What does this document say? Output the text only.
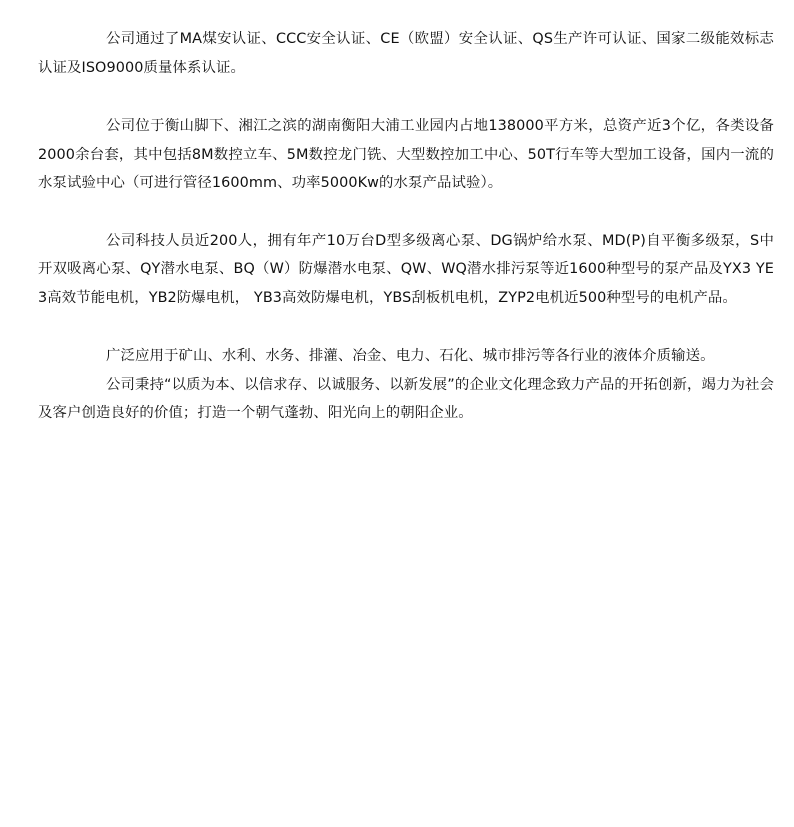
公司通过了MA煤安认证、CCC安全认证、CE（欧盟）安全认证、QS生产许可认证、国家二级能效标志认证及ISO9000质量体系认证。

公司位于衡山脚下、湘江之滨的湖南衡阳大浦工业园内占地138000平方米，总资产近3个亿，各类设备2000余台套，其中包括8M数控立车、5M数控龙门铣、大型数控加工中心、50T行车等大型加工设备，国内一流的水泵试验中心（可进行管径1600mm、功率5000Kw的水泵产品试验）。

公司科技人员近200人，拥有年产10万台D型多级离心泵、DG锅炉给水泵、MD(P)自平衡多级泵，S中开双吸离心泵、QY潜水电泵、BQ（W）防爆潜水电泵、QW、WQ潜水排污泵等近1600种型号的泵产品及YX3 YE3高效节能电机，YB2防爆电机， YB3高效防爆电机，YBS刮板机电机，ZYP2电机近500种型号的电机产品。

广泛应用于矿山、水利、水务、排灌、冶金、电力、石化、城市排污等各行业的液体介质输送。

公司秉持“以质为本、以信求存、以诚服务、以新发展”的企业文化理念致力产品的开拓创新，竭力为社会及客户创造良好的价值；打造一个朝气蓬勃、阳光向上的朝阳企业。
